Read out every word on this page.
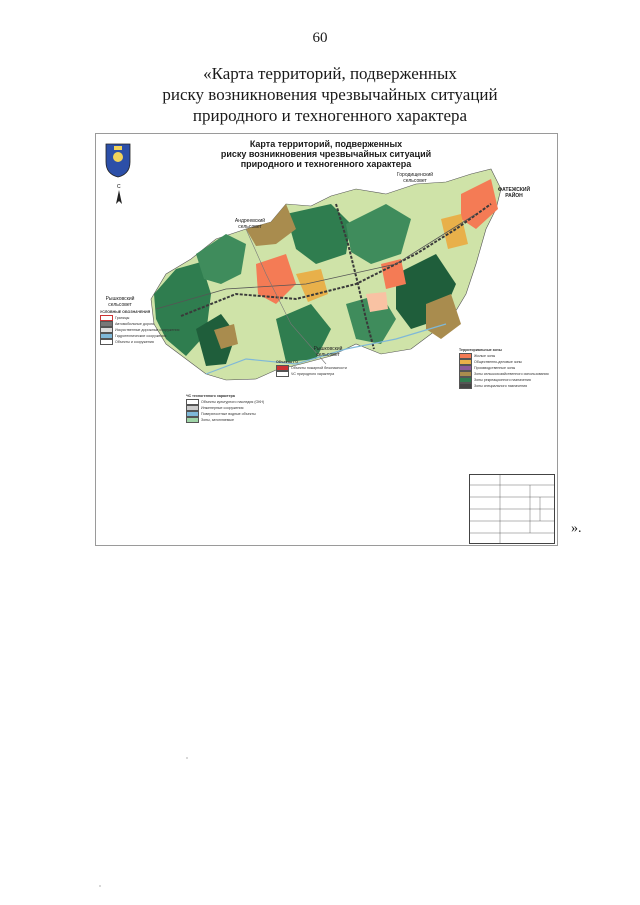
60
«Карта территорий, подверженных
риску возникновения чрезвычайных ситуаций
природного и техногенного характера
С
Карта территорий, подверженных
риску возникновения чрезвычайных ситуаций
природного и техногенного характера
Городищенский сельсовет
Андреевский сельсовет
ФАТЕЖСКИЙ РАЙОН
Рышковский сельсовет
Рышковский сельсовет
УСЛОВНЫЕ ОБОЗНАЧЕНИЯ
Границы
Автомобильные дороги
Искусственные дорожные сооружения
Гидротехнические сооружения
Объекты и сооружения
ЧС техногенного характера
Объекты культурного наследия (ОКН)
Инженерные сооружения
Поверхностные водные объекты
Зоны, затопляемые
Объекты ГО
Объекты пожарной безопасности
ЧС природного характера
Территориальные зоны
Жилые зоны
Общественно-деловые зоны
Производственные зоны
Зоны сельскохозяйственного использования
Зоны рекреационного назначения
Зоны специального назначения
».
